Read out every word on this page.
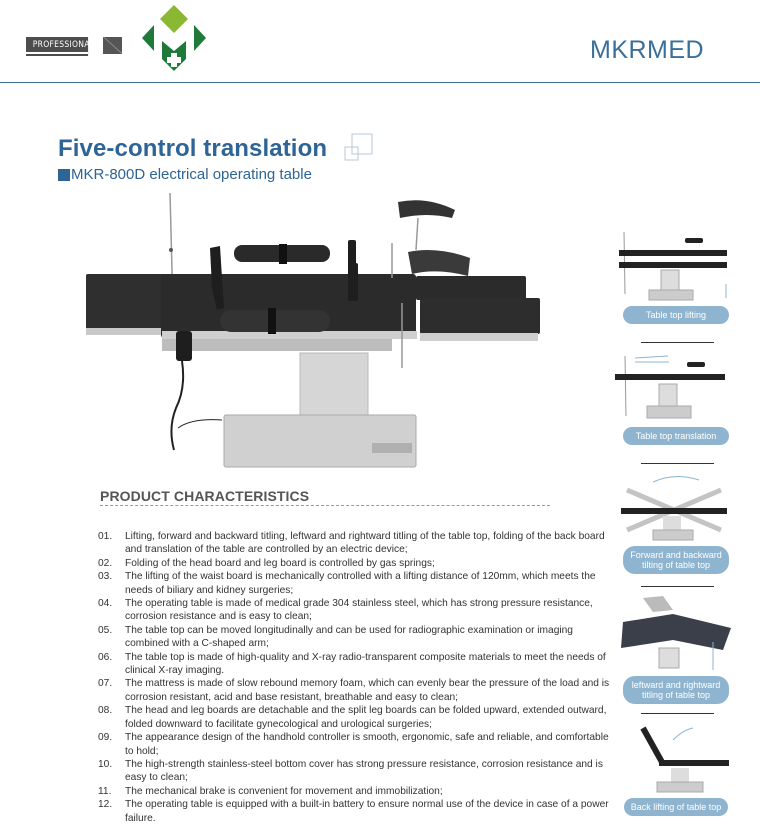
PROFESSIONAL	MKRMED
Five-control translation
MKR-800D electrical operating table
Table top lifting
Table top translation
Forward and backward tilting of table top
leftward and rightward titling of table top
Back lifting of table top
PRODUCT CHARACTERISTICS
01.	Lifting, forward and backward titling, leftward and rightward titling of the table top, folding of the back board and translation of the table are controlled by an electric device;
02.	Folding of the head board and leg board is controlled by gas springs;
03.	The lifting of the waist board is mechanically controlled with a lifting distance of 120mm, which meets the needs of biliary and kidney surgeries;
04.	The operating table is made of medical grade 304 stainless steel, which has strong pressure resistance, corrosion resistance and is easy to clean;
05.	The table top can be moved longitudinally and can be used for radiographic examination or imaging combined with a C-shaped arm;
06.	The table top is made of high-quality and X-ray radio-transparent composite materials to meet the needs of clinical X-ray imaging.
07.	The mattress is made of slow rebound memory foam, which can evenly bear the pressure of the load and is corrosion resistant, acid and base resistant, breathable and easy to clean;
08.	The head and leg boards are detachable and the split leg boards can be folded upward, extended outward, folded downward to facilitate gynecological and urological surgeries;
09.	The appearance design of the handhold controller is smooth, ergonomic, safe and reliable, and comfortable to hold;
10.	The high-strength stainless-steel bottom cover has strong pressure resistance, corrosion resistance and is easy to clean;
11.	The mechanical brake is convenient for movement and immobilization;
12.	The operating table is equipped with a built-in battery to ensure normal use of the device in case of a power failure.
